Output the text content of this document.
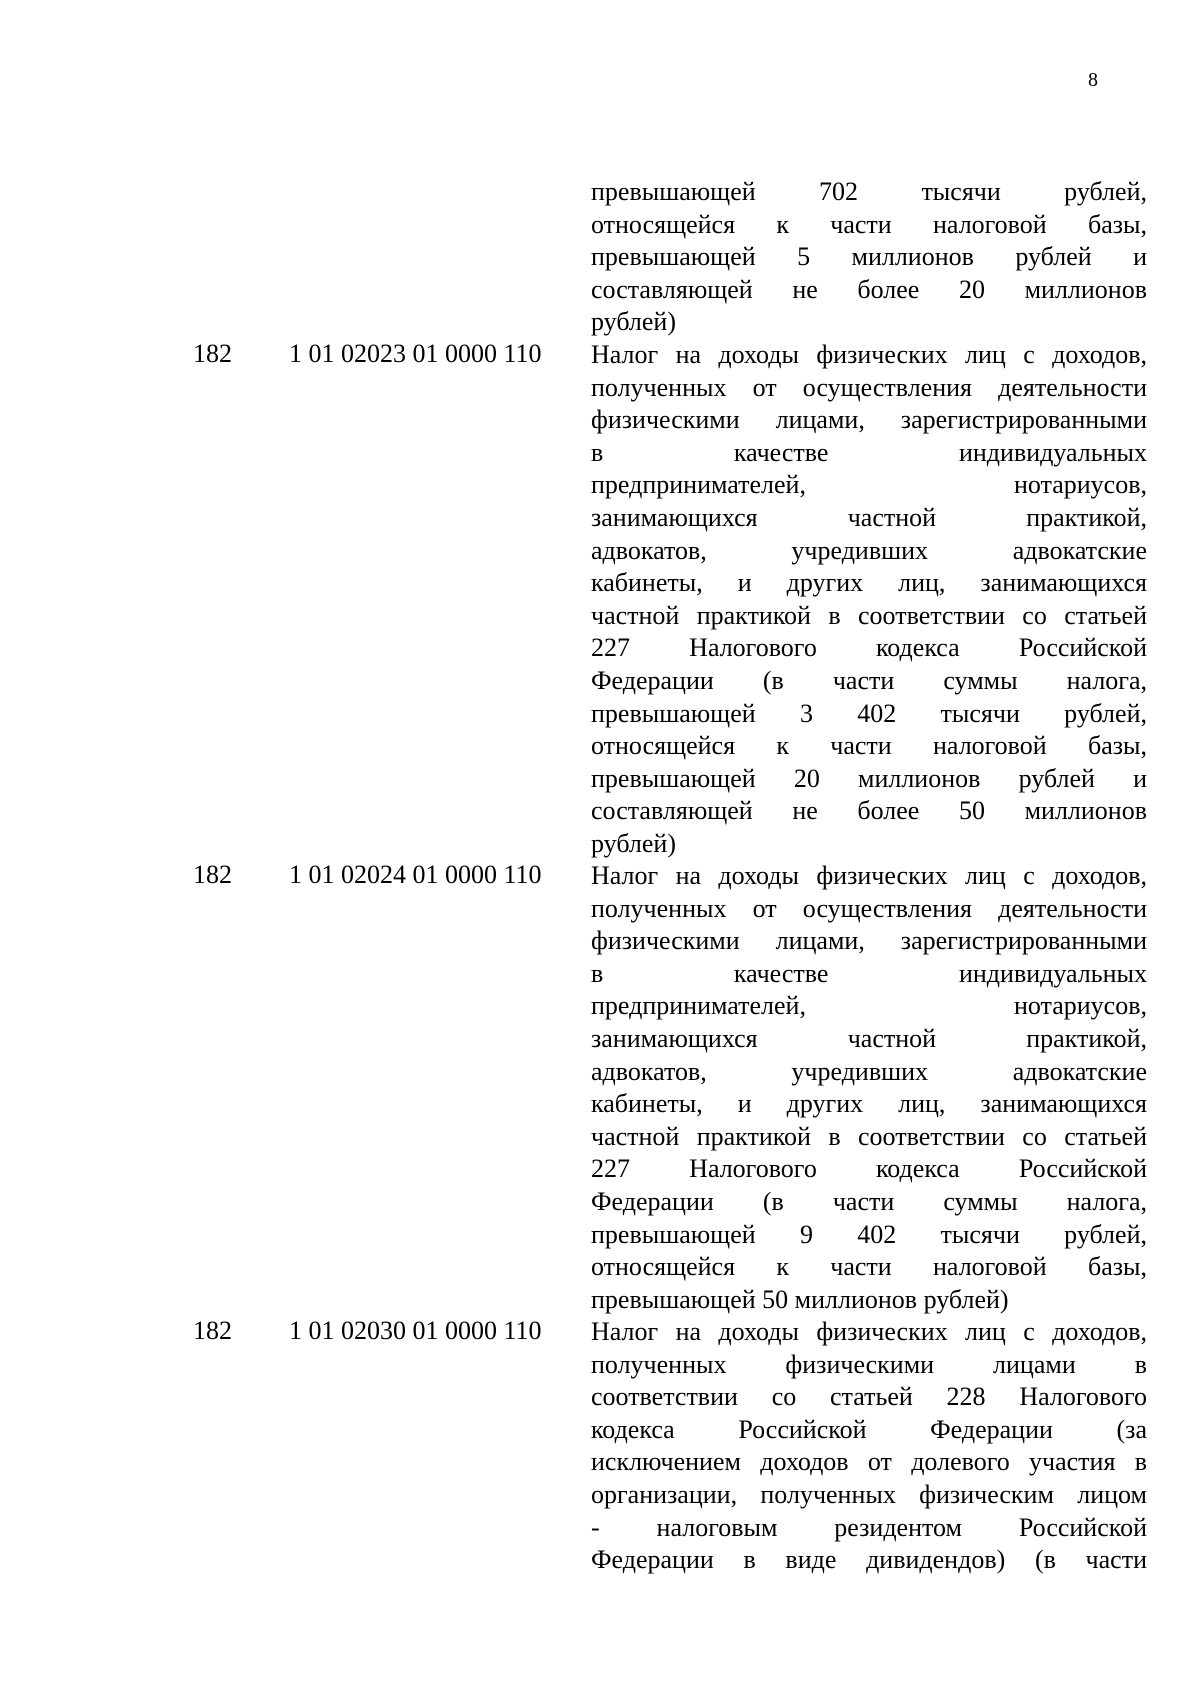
8
превышающей 702 тысячи рублей,
относящейся к части налоговой базы,
превышающей 5 миллионов рублей и
составляющей не более 20 миллионов
рублей)
182	1 01 02023 01 0000 110	Налог на доходы физических лиц с доходов,
полученных от осуществления деятельности
физическими лицами, зарегистрированными
в качестве индивидуальных
предпринимателей, нотариусов,
занимающихся частной практикой,
адвокатов, учредивших адвокатские
кабинеты, и других лиц, занимающихся
частной практикой в соответствии со статьей
227 Налогового кодекса Российской
Федерации (в части суммы налога,
превышающей 3 402 тысячи рублей,
относящейся к части налоговой базы,
превышающей 20 миллионов рублей и
составляющей не более 50 миллионов
рублей)
182	1 01 02024 01 0000 110	Налог на доходы физических лиц с доходов,
полученных от осуществления деятельности
физическими лицами, зарегистрированными
в качестве индивидуальных
предпринимателей, нотариусов,
занимающихся частной практикой,
адвокатов, учредивших адвокатские
кабинеты, и других лиц, занимающихся
частной практикой в соответствии со статьей
227 Налогового кодекса Российской
Федерации (в части суммы налога,
превышающей 9 402 тысячи рублей,
относящейся к части налоговой базы,
превышающей 50 миллионов рублей)
182	1 01 02030 01 0000 110	Налог на доходы физических лиц с доходов,
полученных физическими лицами в
соответствии со статьей 228 Налогового
кодекса Российской Федерации (за
исключением доходов от долевого участия в
организации, полученных физическим лицом
- налоговым резидентом Российской
Федерации в виде дивидендов) (в части
